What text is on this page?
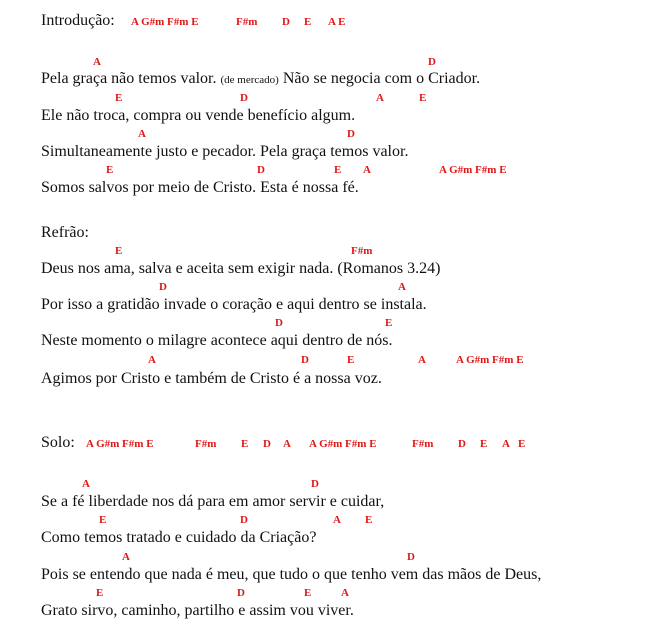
Introdução: A G#m F#m E	F#m D E A E
A	D
Pela graça não temos valor. (de mercado) Não se negocia com o Criador.
E	D	A	E
Ele não troca, compra ou vende benefício algum.
A	D
Simultaneamente justo e pecador. Pela graça temos valor.
E	D	E A	A G#m F#m E
Somos salvos por meio de Cristo. Esta é nossa fé.
Refrão:
E	F#m
Deus nos ama, salva e aceita sem exigir nada. (Romanos 3.24)
D	A
Por isso a gratidão invade o coração e aqui dentro se instala.
D	E
Neste momento o milagre acontece aqui dentro de nós.
A	D	E	A	A G#m F#m E
Agimos por Cristo e também de Cristo é a nossa voz.
Solo: A G#m F#m E	F#m E D A A G#m F#m E	F#m D E A E
A	D
Se a fé liberdade nos dá para em amor servir e cuidar,
E	D	A E
Como temos tratado e cuidado da Criação?
A	D
Pois se entendo que nada é meu, que tudo o que tenho vem das mãos de Deus,
E	D	E	A
Grato sirvo, caminho, partilho e assim vou viver.
